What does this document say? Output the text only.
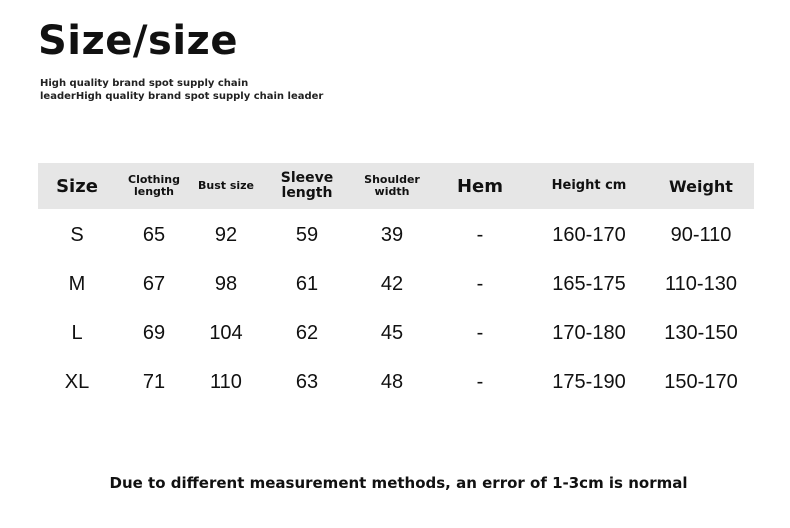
Size/size
High quality brand spot supply chain
leaderHigh quality brand spot supply chain leader
Size	Clothing length	Bust size	Sleeve length	Shoulder width	Hem	Height cm	Weight
S	65	92	59	39	-	160-170	90-110
M	67	98	61	42	-	165-175	110-130
L	69	104	62	45	-	170-180	130-150
XL	71	110	63	48	-	175-190	150-170
Due to different measurement methods, an error of 1-3cm is normal
